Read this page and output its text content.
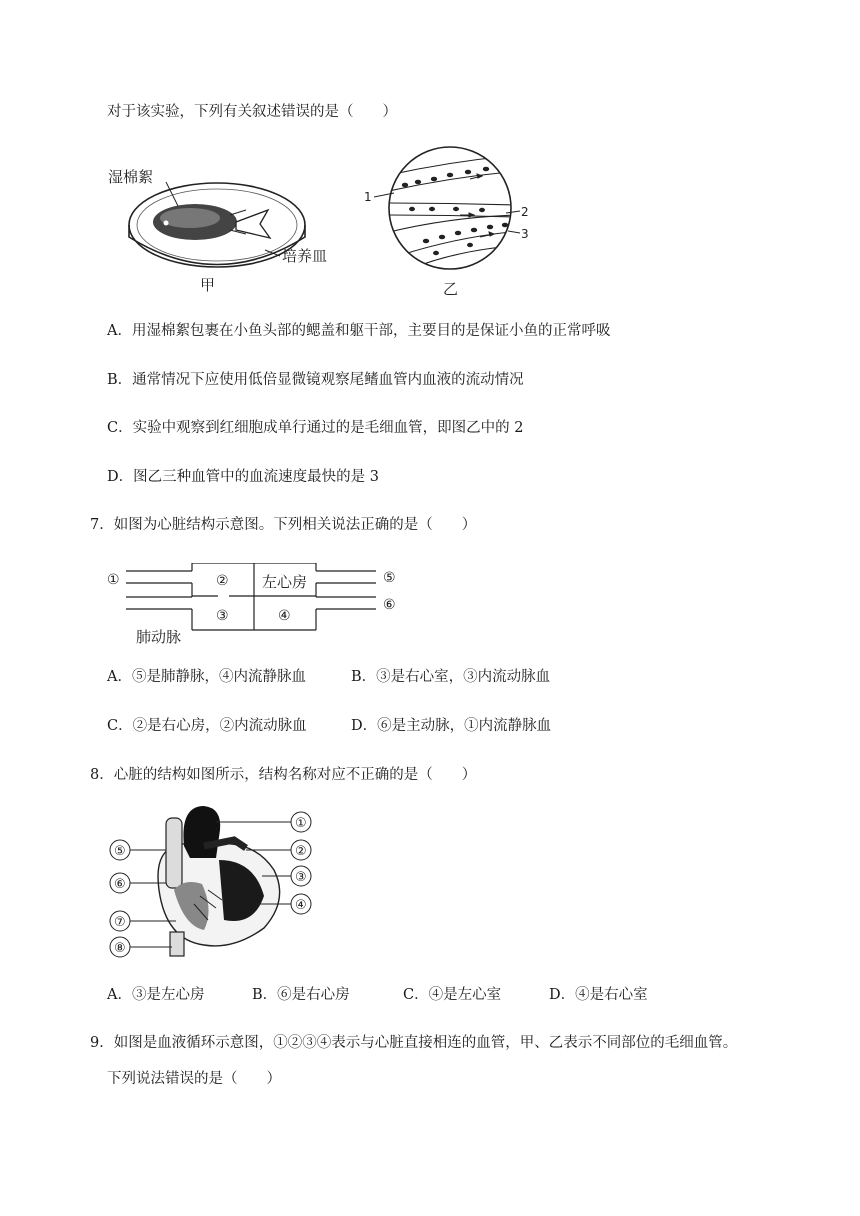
对于该实验，下列有关叙述错误的是（　　）
湿棉絮
培养皿
甲
1
2
3
乙
A．用湿棉絮包裹在小鱼头部的鳃盖和躯干部，主要目的是保证小鱼的正常呼吸
B．通常情况下应使用低倍显微镜观察尾鳍血管内血液的流动情况
C．实验中观察到红细胞成单行通过的是毛细血管，即图乙中的 2
D．图乙三种血管中的血流速度最快的是 3
7．如图为心脏结构示意图。下列相关说法正确的是（　　）
①	② 左心房
③	④
⑤
⑥
肺动脉
A．⑤是肺静脉，④内流静脉血	B．③是右心室，③内流动脉血
C．②是右心房，②内流动脉血	D．⑥是主动脉，①内流静脉血
8．心脏的结构如图所示，结构名称对应不正确的是（　　）
①
②
③
④
⑤
⑥
⑦
⑧
A．③是左心房	B．⑥是右心房	C．④是左心室	D．④是右心室
9．如图是血液循环示意图，①②③④表示与心脏直接相连的血管，甲、乙表示不同部位的毛细血管。
下列说法错误的是（　　）
